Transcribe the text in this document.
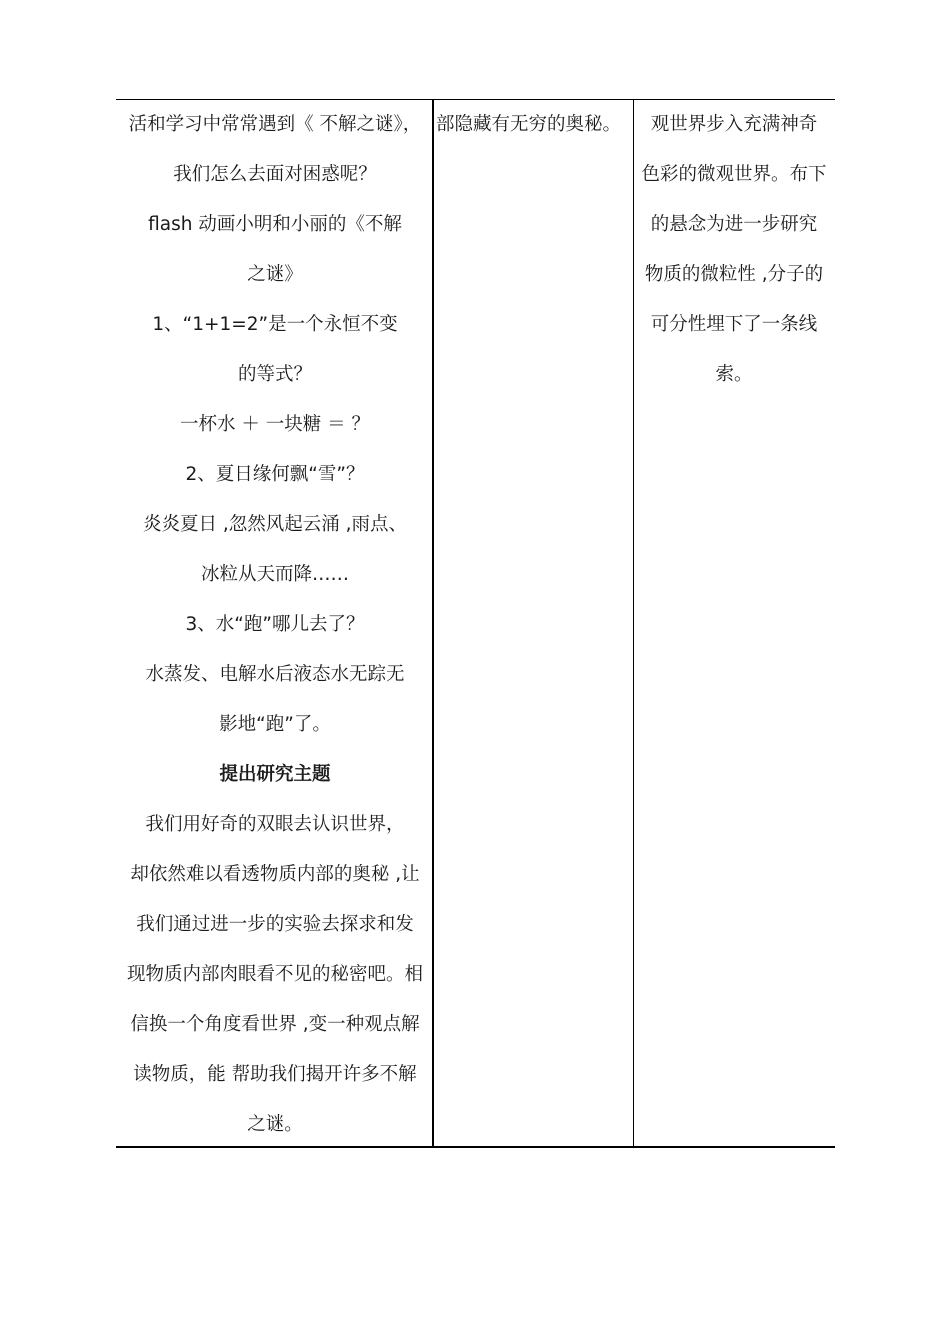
活和学习中常常遇到《 不解之谜》，
我们怎么去面对困惑呢？
flash 动画小明和小丽的《不解
之谜》
1、“1+1=2”是一个永恒不变
的等式？
一杯水 ＋ 一块糖 ＝ ？
2、夏日缘何飘“雪”？
炎炎夏日 ,忽然风起云涌 ,雨点、
冰粒从天而降……
3、水“跑”哪儿去了？
水蒸发、电解水后液态水无踪无
影地“跑”了。
提出研究主题
我们用好奇的双眼去认识世界，
却依然难以看透物质内部的奥秘 ,让
我们通过进一步的实验去探求和发
现物质内部肉眼看不见的秘密吧。相
信换一个角度看世界 ,变一种观点解
读物质，能 帮助我们揭开许多不解
之谜。
部隐藏有无穷的奥秘。	观世界步入充满神奇
色彩的微观世界。布下
的悬念为进一步研究
物质的微粒性 ,分子的
可分性埋下了一条线
索。
